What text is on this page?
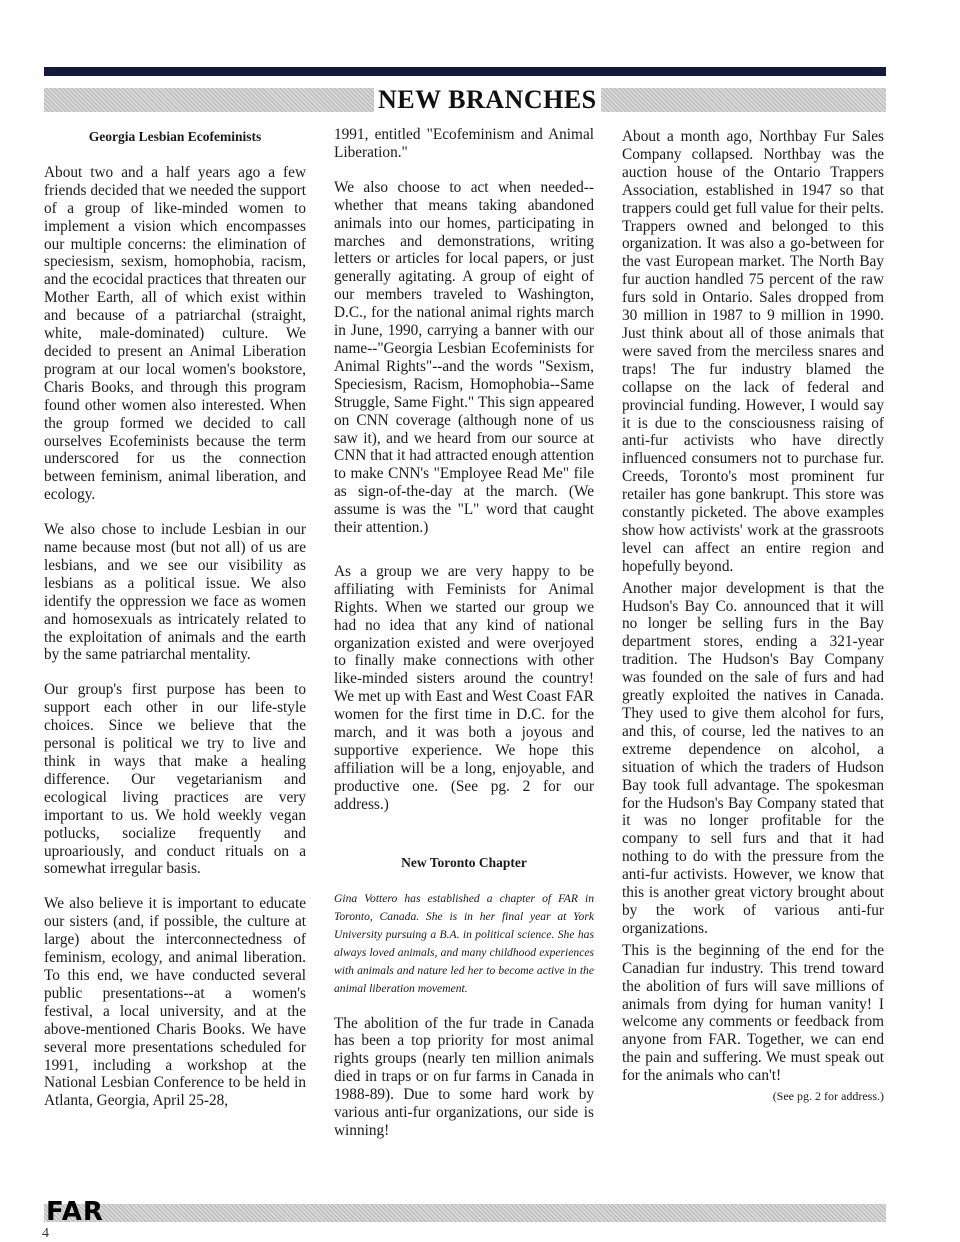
NEW BRANCHES
Georgia Lesbian Ecofeminists

About two and a half years ago a few friends decided that we needed the support of a group of like-minded women to implement a vision which encompasses our multiple concerns: the elimination of speciesism, sexism, homophobia, racism, and the ecocidal practices that threaten our Mother Earth, all of which exist within and because of a patriarchal (straight, white, male-dominated) culture. We decided to present an Animal Liberation program at our local women's bookstore, Charis Books, and through this program found other women also interested. When the group formed we decided to call ourselves Ecofeminists because the term underscored for us the connection between feminism, animal liberation, and ecology.

We also chose to include Lesbian in our name because most (but not all) of us are lesbians, and we see our visibility as lesbians as a political issue. We also identify the oppression we face as women and homosexuals as intricately related to the exploitation of animals and the earth by the same patriarchal mentality.

Our group's first purpose has been to support each other in our life-style choices. Since we believe that the personal is political we try to live and think in ways that make a healing difference. Our vegetarianism and ecological living practices are very important to us. We hold weekly vegan potlucks, socialize frequently and uproariously, and conduct rituals on a somewhat irregular basis.

We also believe it is important to educate our sisters (and, if possible, the culture at large) about the interconnectedness of feminism, ecology, and animal liberation. To this end, we have conducted several public presentations--at a women's festival, a local university, and at the above-mentioned Charis Books. We have several more presentations scheduled for 1991, including a workshop at the National Lesbian Conference to be held in Atlanta, Georgia, April 25-28,

1991, entitled "Ecofeminism and Animal Liberation."

We also choose to act when needed--whether that means taking abandoned animals into our homes, participating in marches and demonstrations, writing letters or articles for local papers, or just generally agitating. A group of eight of our members traveled to Washington, D.C., for the national animal rights march in June, 1990, carrying a banner with our name--"Georgia Lesbian Ecofeminists for Animal Rights"--and the words "Sexism, Speciesism, Racism, Homophobia--Same Struggle, Same Fight." This sign appeared on CNN coverage (although none of us saw it), and we heard from our source at CNN that it had attracted enough attention to make CNN's "Employee Read Me" file as sign-of-the-day at the march. (We assume is was the "L" word that caught their attention.)

As a group we are very happy to be affiliating with Feminists for Animal Rights. When we started our group we had no idea that any kind of national organization existed and were overjoyed to finally make connections with other like-minded sisters around the country! We met up with East and West Coast FAR women for the first time in D.C. for the march, and it was both a joyous and supportive experience. We hope this affiliation will be a long, enjoyable, and productive one. (See pg. 2 for our address.)

New Toronto Chapter

Gina Vottero has established a chapter of FAR in Toronto, Canada. She is in her final year at York University pursuing a B.A. in political science. She has always loved animals, and many childhood experiences with animals and nature led her to become active in the animal liberation movement.

The abolition of the fur trade in Canada has been a top priority for most animal rights groups (nearly ten million animals died in traps or on fur farms in Canada in 1988-89). Due to some hard work by various anti-fur organizations, our side is winning!

About a month ago, Northbay Fur Sales Company collapsed. Northbay was the auction house of the Ontario Trappers Association, established in 1947 so that trappers could get full value for their pelts. Trappers owned and belonged to this organization. It was also a go-between for the vast European market. The North Bay fur auction handled 75 percent of the raw furs sold in Ontario. Sales dropped from 30 million in 1987 to 9 million in 1990. Just think about all of those animals that were saved from the merciless snares and traps! The fur industry blamed the collapse on the lack of federal and provincial funding. However, I would say it is due to the consciousness raising of anti-fur activists who have directly influenced consumers not to purchase fur. Creeds, Toronto's most prominent fur retailer has gone bankrupt. This store was constantly picketed. The above examples show how activists' work at the grassroots level can affect an entire region and hopefully beyond.

Another major development is that the Hudson's Bay Co. announced that it will no longer be selling furs in the Bay department stores, ending a 321-year tradition. The Hudson's Bay Company was founded on the sale of furs and had greatly exploited the natives in Canada. They used to give them alcohol for furs, and this, of course, led the natives to an extreme dependence on alcohol, a situation of which the traders of Hudson Bay took full advantage. The spokesman for the Hudson's Bay Company stated that it was no longer profitable for the company to sell furs and that it had nothing to do with the pressure from the anti-fur activists. However, we know that this is another great victory brought about by the work of various anti-fur organizations.

This is the beginning of the end for the Canadian fur industry. This trend toward the abolition of furs will save millions of animals from dying for human vanity! I welcome any comments or feedback from anyone from FAR. Together, we can end the pain and suffering. We must speak out for the animals who can't!

(See pg. 2 for address.)

FAR
4
